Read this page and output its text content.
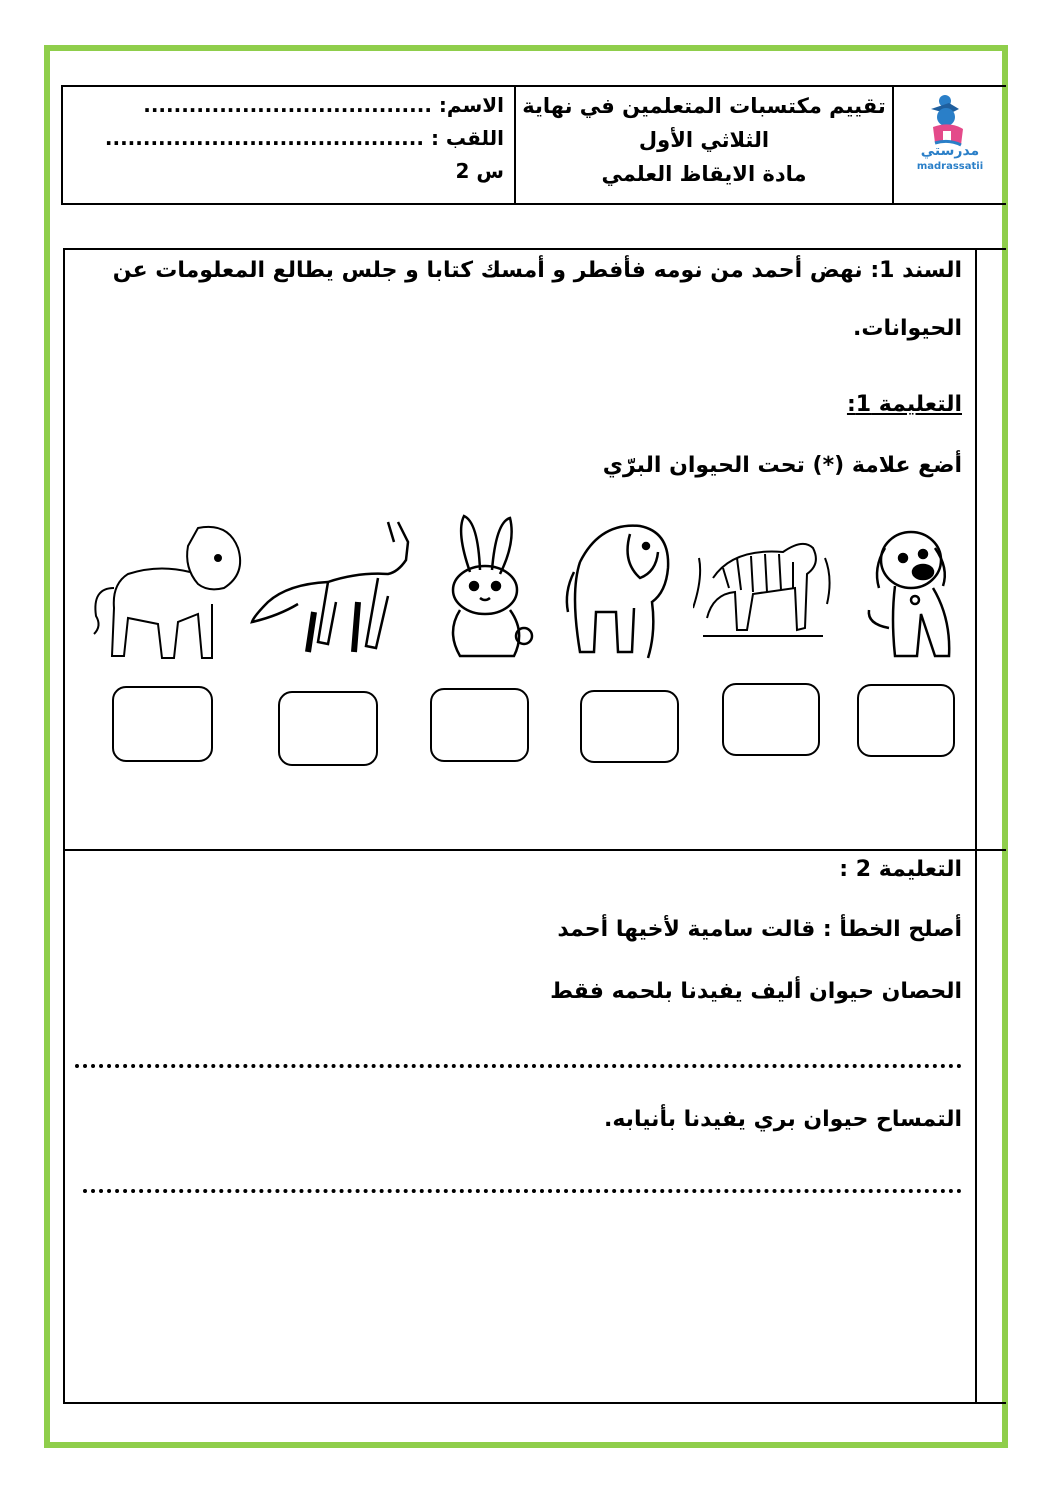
الاسم: ......................................
اللقب : ..........................................
س 2
تقييم مكتسبات المتعلمين في نهاية
الثلاثي الأول
مادة الايقاظ العلمي
مدرستي
madrassatii
السند 1: نهض أحمد من نومه فأفطر و أمسك كتابا و جلس يطالع المعلومات عن
الحيوانات.
التعليمة 1:
أضع علامة (*) تحت الحيوان البرّي
التعليمة 2 :
أصلح الخطأ : قالت سامية لأخيها أحمد
الحصان حيوان أليف يفيدنا بلحمه فقط
التمساح حيوان بري يفيدنا بأنيابه.
